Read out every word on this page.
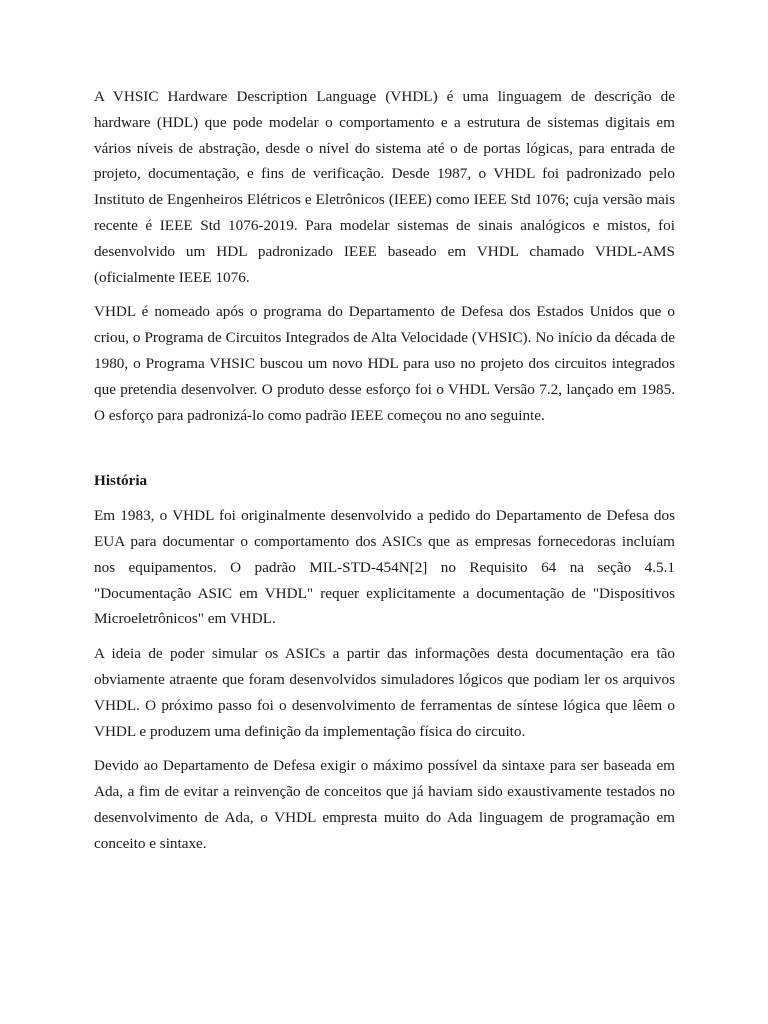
A VHSIC Hardware Description Language (VHDL) é uma linguagem de descrição de hardware (HDL) que pode modelar o comportamento e a estrutura de sistemas digitais em vários níveis de abstração, desde o nível do sistema até o de portas lógicas, para entrada de projeto, documentação, e fins de verificação. Desde 1987, o VHDL foi padronizado pelo Instituto de Engenheiros Elétricos e Eletrônicos (IEEE) como IEEE Std 1076; cuja versão mais recente é IEEE Std 1076-2019. Para modelar sistemas de sinais analógicos e mistos, foi desenvolvido um HDL padronizado IEEE baseado em VHDL chamado VHDL-AMS (oficialmente IEEE 1076.

VHDL é nomeado após o programa do Departamento de Defesa dos Estados Unidos que o criou, o Programa de Circuitos Integrados de Alta Velocidade (VHSIC). No início da década de 1980, o Programa VHSIC buscou um novo HDL para uso no projeto dos circuitos integrados que pretendia desenvolver. O produto desse esforço foi o VHDL Versão 7.2, lançado em 1985. O esforço para padronizá-lo como padrão IEEE começou no ano seguinte.

História

Em 1983, o VHDL foi originalmente desenvolvido a pedido do Departamento de Defesa dos EUA para documentar o comportamento dos ASICs que as empresas fornecedoras incluíam nos equipamentos. O padrão MIL-STD-454N[2] no Requisito 64 na seção 4.5.1 "Documentação ASIC em VHDL" requer explicitamente a documentação de "Dispositivos Microeletrônicos" em VHDL.

A ideia de poder simular os ASICs a partir das informações desta documentação era tão obviamente atraente que foram desenvolvidos simuladores lógicos que podiam ler os arquivos VHDL. O próximo passo foi o desenvolvimento de ferramentas de síntese lógica que lêem o VHDL e produzem uma definição da implementação física do circuito.

Devido ao Departamento de Defesa exigir o máximo possível da sintaxe para ser baseada em Ada, a fim de evitar a reinvenção de conceitos que já haviam sido exaustivamente testados no desenvolvimento de Ada, o VHDL empresta muito do Ada linguagem de programação em conceito e sintaxe.
